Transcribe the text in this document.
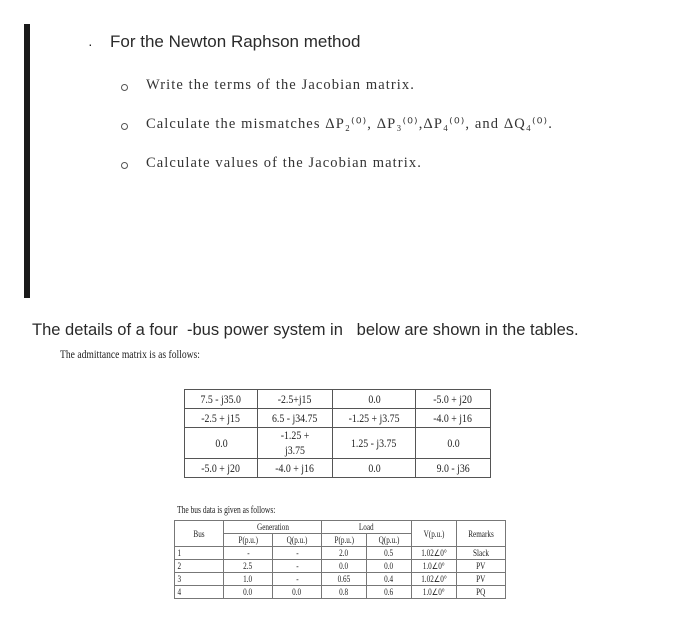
· For the Newton Raphson method
Write the terms of the Jacobian matrix.
Calculate the mismatches ΔP₂⁽⁰⁾, ΔP₃⁽⁰⁾,ΔP₄⁽⁰⁾, and ΔQ₄⁽⁰⁾.
Calculate values of the Jacobian matrix.
The details of a four  -bus power system in   below are shown in the tables.
The admittance matrix is as follows:
7.5 - j35.0	-2.5+j15	0.0	-5.0 + j20
-2.5 + j15	6.5 - j34.75	-1.25 + j3.75	-4.0 + j16
0.0	-1.25 + j3.75	1.25 - j3.75	0.0
-5.0 + j20	-4.0 + j16	0.0	9.0 - j36
The bus data is given as follows:
Bus	Generation		Load		V(p.u.)	Remarks
	P(p.u.)	Q(p.u.)	P(p.u.)	Q(p.u.)		
1	-	-	2.0	0.5	1.02∠0°	Slack
2	2.5	-	0.0	0.0	1.0∠0°	PV
3	1.0	-	0.65	0.4	1.02∠0°	PV
4	0.0	0.0	0.8	0.6	1.0∠0°	PQ
